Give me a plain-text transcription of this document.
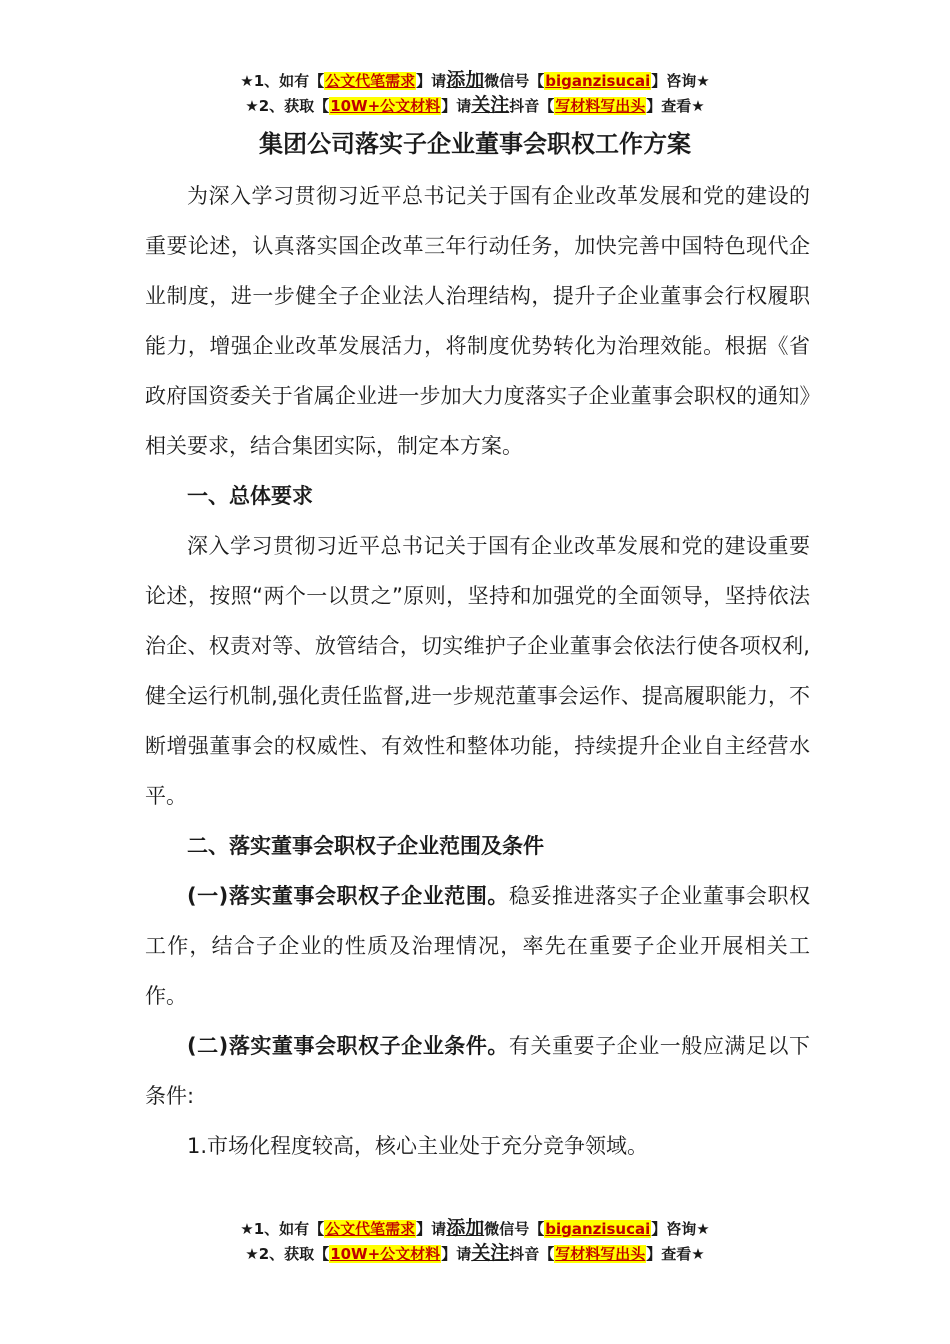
★1、如有【公文代笔需求】请添加微信号【biganzisucai】咨询★
★2、获取【10W+公文材料】请关注抖音【写材料写出头】查看★
集团公司落实子企业董事会职权工作方案

为深入学习贯彻习近平总书记关于国有企业改革发展和党的建设的重要论述，认真落实国企改革三年行动任务，加快完善中国特色现代企业制度，进一步健全子企业法人治理结构，提升子企业董事会行权履职能力，增强企业改革发展活力，将制度优势转化为治理效能。根据《省政府国资委关于省属企业进一步加大力度落实子企业董事会职权的通知》相关要求，结合集团实际，制定本方案。

一、总体要求

深入学习贯彻习近平总书记关于国有企业改革发展和党的建设重要论述，按照“两个一以贯之”原则，坚持和加强党的全面领导，坚持依法治企、权责对等、放管结合，切实维护子企业董事会依法行使各项权利,健全运行机制,强化责任监督,进一步规范董事会运作、提高履职能力，不断增强董事会的权威性、有效性和整体功能，持续提升企业自主经营水平。

二、落实董事会职权子企业范围及条件

(一)落实董事会职权子企业范围。稳妥推进落实子企业董事会职权工作，结合子企业的性质及治理情况，率先在重要子企业开展相关工作。

(二)落实董事会职权子企业条件。有关重要子企业一般应满足以下条件:

1.市场化程度较高，核心主业处于充分竞争领域。

★1、如有【公文代笔需求】请添加微信号【biganzisucai】咨询★
★2、获取【10W+公文材料】请关注抖音【写材料写出头】查看★
